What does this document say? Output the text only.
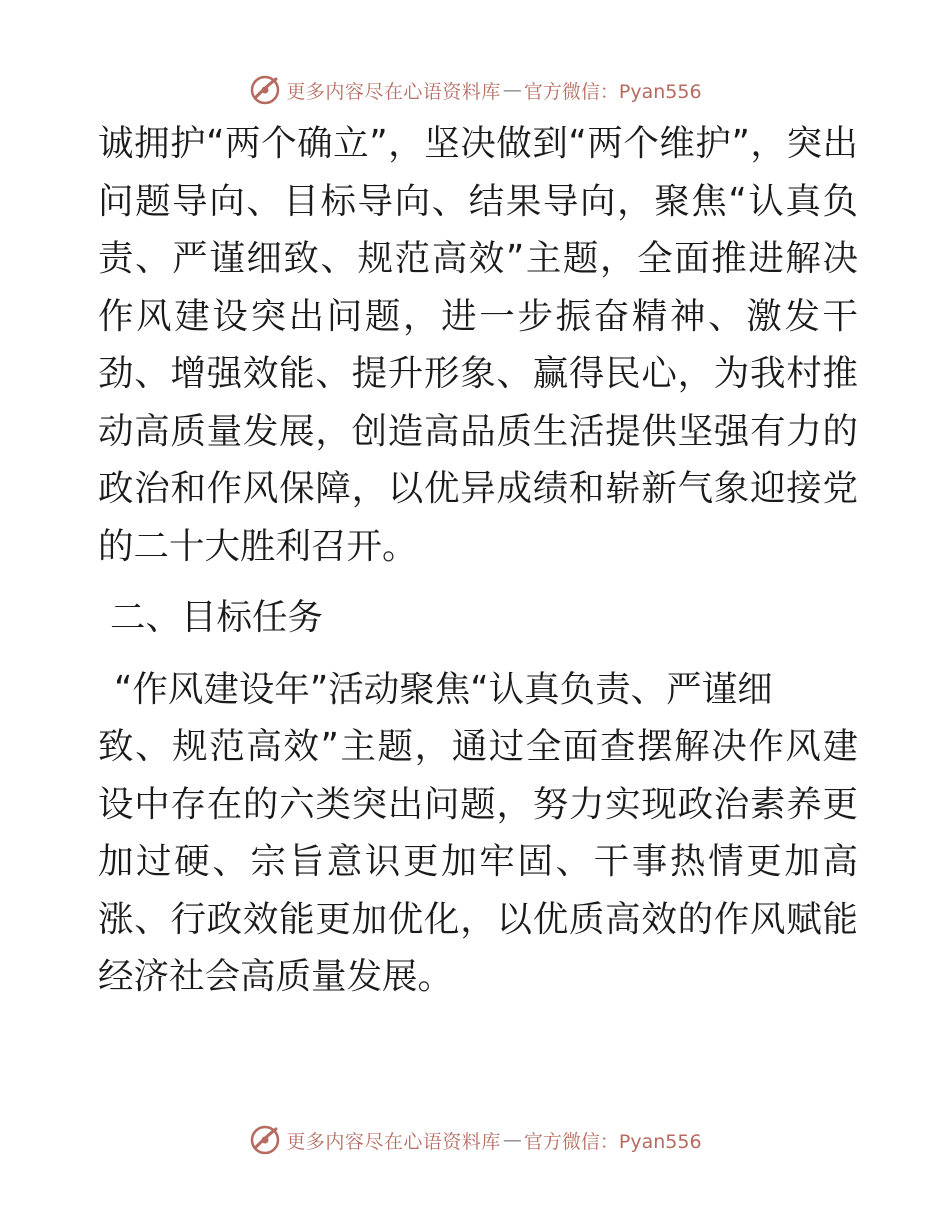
更多内容尽在心语资料库 — 官方微信：Pyan556

诚拥护“两个确立”，坚决做到“两个维护”，突出问题导向、目标导向、结果导向，聚焦“认真负责、严谨细致、规范高效”主题，全面推进解决作风建设突出问题，进一步振奋精神、激发干劲、增强效能、提升形象、赢得民心，为我村推动高质量发展，创造高品质生活提供坚强有力的政治和作风保障，以优异成绩和崭新气象迎接党的二十大胜利召开。

二、目标任务

“作风建设年”活动聚焦“认真负责、严谨细
致、规范高效”主题，通过全面查摆解决作风建设中存在的六类突出问题，努力实现政治素养更加过硬、宗旨意识更加牢固、干事热情更加高涨、行政效能更加优化，以优质高效的作风赋能经济社会高质量发展。

更多内容尽在心语资料库 — 官方微信：Pyan556
